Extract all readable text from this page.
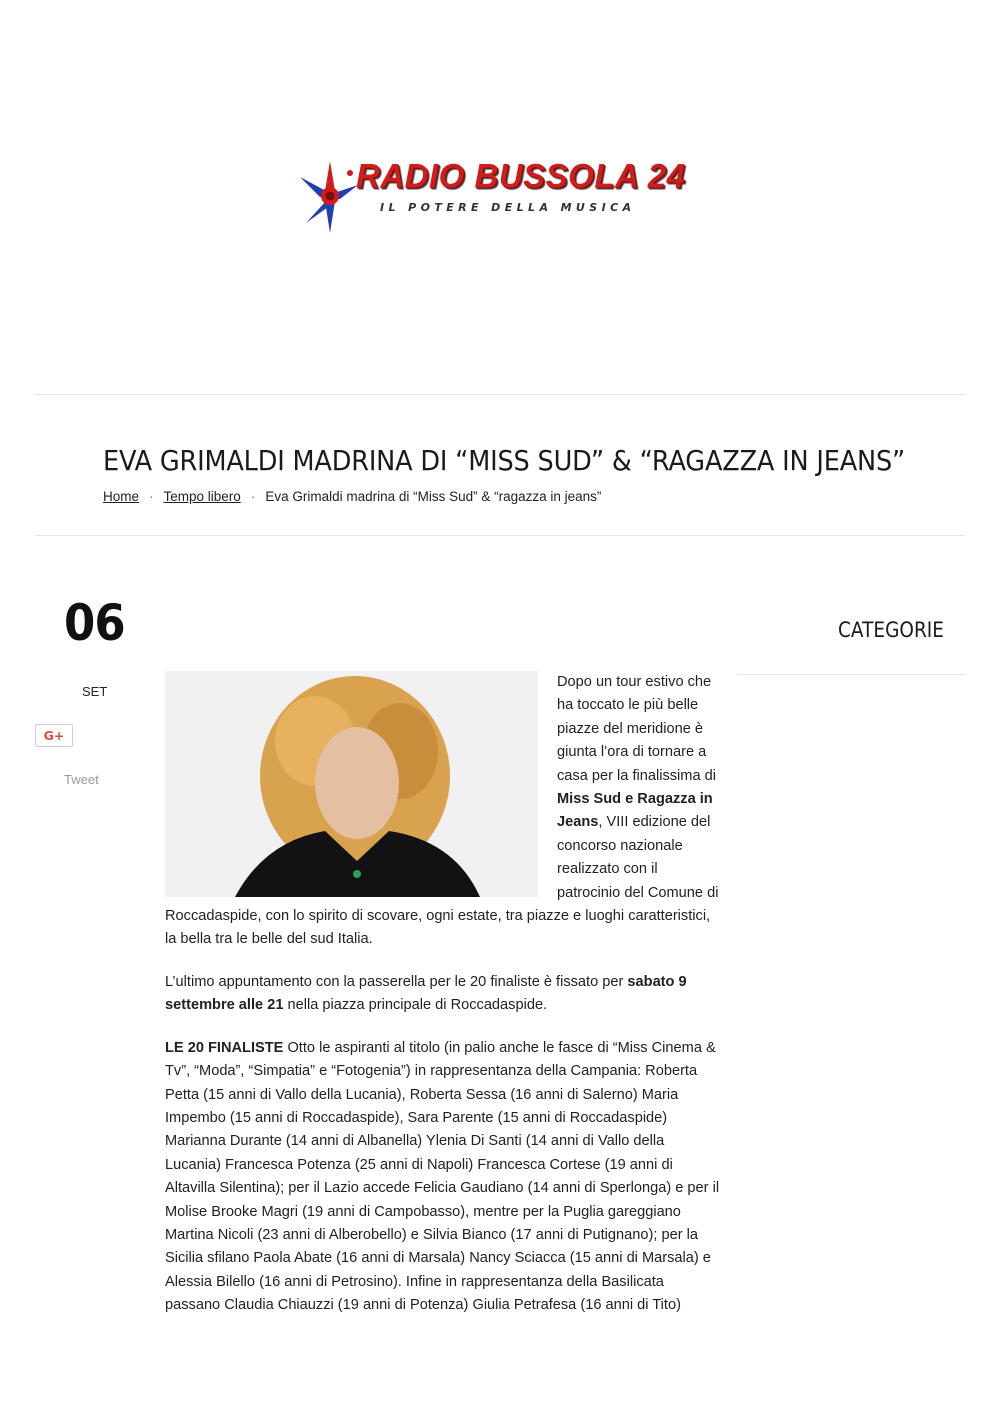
RADIO BUSSOLA 24
IL POTERE DELLA MUSICA
EVA GRIMALDI MADRINA DI “MISS SUD” & “RAGAZZA IN JEANS”
Home · Tempo libero · Eva Grimaldi madrina di “Miss Sud” & “ragazza in jeans”
06
SET
G+
Tweet
CATEGORIE

Dopo un tour estivo che ha toccato le più belle piazze del meridione è giunta l’ora di tornare a casa per la finalissima di Miss Sud e Ragazza in Jeans, VIII edizione del concorso nazionale realizzato con il patrocinio del Comune di Roccadaspide, con lo spirito di scovare, ogni estate, tra piazze e luoghi caratteristici, la bella tra le belle del sud Italia.

L’ultimo appuntamento con la passerella per le 20 finaliste è fissato per sabato 9 settembre alle 21 nella piazza principale di Roccadaspide.

LE 20 FINALISTE Otto le aspiranti al titolo (in palio anche le fasce di “Miss Cinema & Tv”, “Moda”, “Simpatia” e “Fotogenia”) in rappresentanza della Campania: Roberta Petta (15 anni di Vallo della Lucania), Roberta Sessa (16 anni di Salerno) Maria Impembo (15 anni di Roccadaspide), Sara Parente (15 anni di Roccadaspide) Marianna Durante (14 anni di Albanella) Ylenia Di Santi (14 anni di Vallo della Lucania) Francesca Potenza (25 anni di Napoli) Francesca Cortese (19 anni di Altavilla Silentina); per il Lazio accede Felicia Gaudiano (14 anni di Sperlonga) e per il Molise Brooke Magri (19 anni di Campobasso), mentre per la Puglia gareggiano Martina Nicoli (23 anni di Alberobello) e Silvia Bianco (17 anni di Putignano); per la Sicilia sfilano Paola Abate (16 anni di Marsala) Nancy Sciacca (15 anni di Marsala) e Alessia Bilello (16 anni di Petrosino). Infine in rappresentanza della Basilicata passano Claudia Chiauzzi (19 anni di Potenza) Giulia Petrafesa (16 anni di Tito)
